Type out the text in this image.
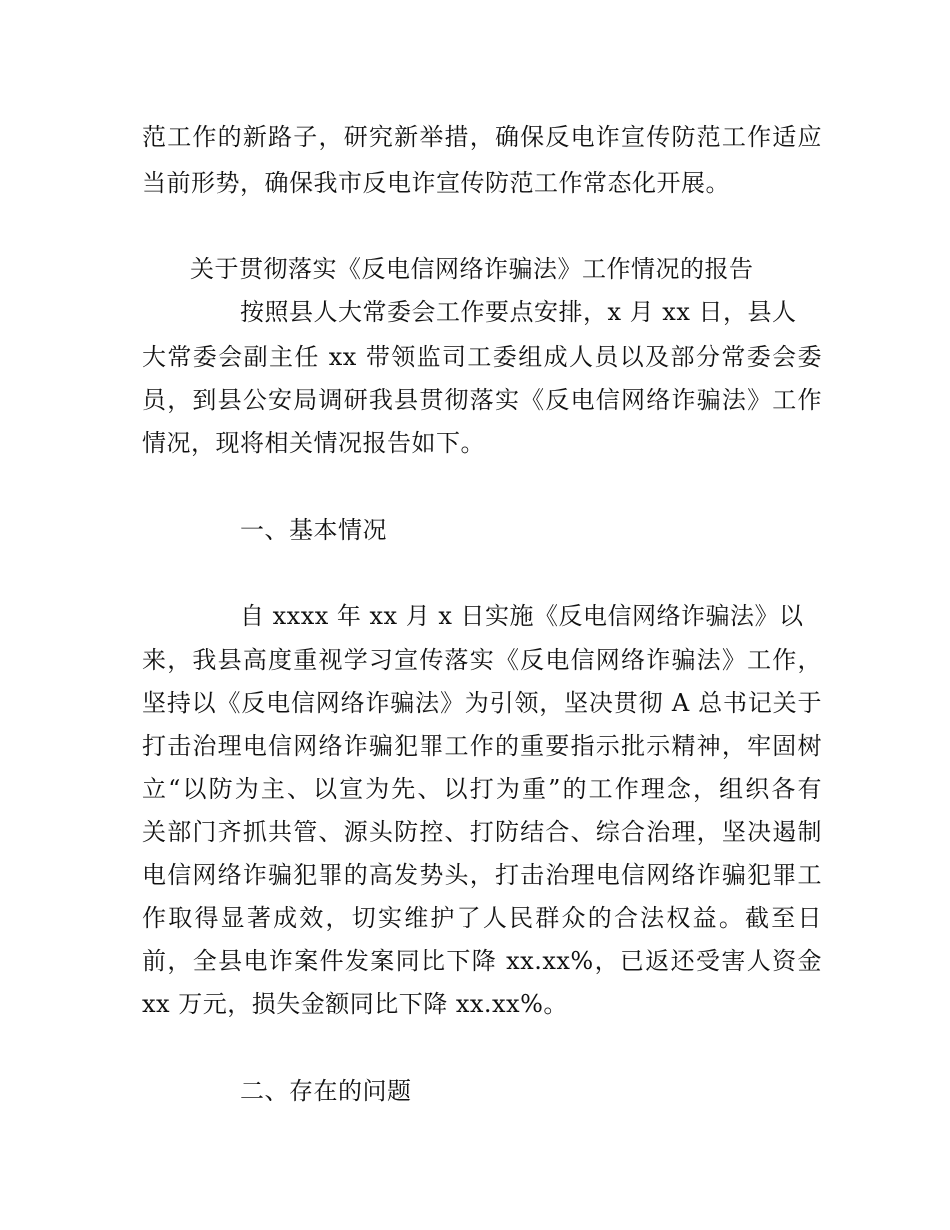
范工作的新路子，研究新举措，确保反电诈宣传防范工作适应
当前形势，确保我市反电诈宣传防范工作常态化开展。
关于贯彻落实《反电信网络诈骗法》工作情况的报告
按照县人大常委会工作要点安排，x 月 xx 日，县人
大常委会副主任 xx 带领监司工委组成人员以及部分常委会委
员，到县公安局调研我县贯彻落实《反电信网络诈骗法》工作
情况，现将相关情况报告如下。
一、基本情况
自 xxxx 年 xx 月 x 日实施《反电信网络诈骗法》以
来，我县高度重视学习宣传落实《反电信网络诈骗法》工作，
坚持以《反电信网络诈骗法》为引领，坚决贯彻 A 总书记关于
打击治理电信网络诈骗犯罪工作的重要指示批示精神，牢固树
立“以防为主、以宣为先、以打为重”的工作理念，组织各有
关部门齐抓共管、源头防控、打防结合、综合治理，坚决遏制
电信网络诈骗犯罪的高发势头，打击治理电信网络诈骗犯罪工
作取得显著成效，切实维护了人民群众的合法权益。截至日
前，全县电诈案件发案同比下降 xx.xx%，已返还受害人资金
xx 万元，损失金额同比下降 xx.xx%。
二、存在的问题
